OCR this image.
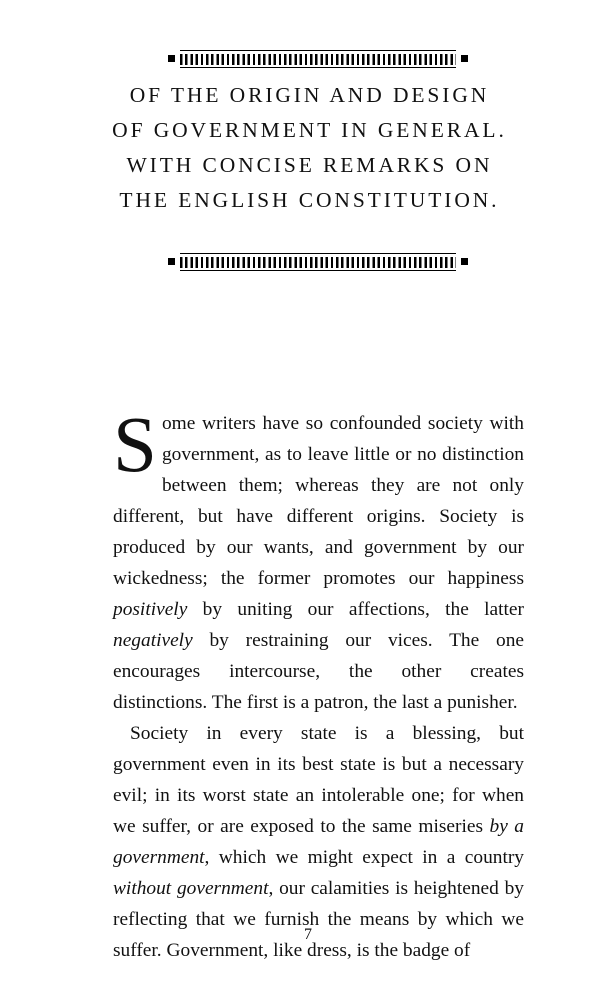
OF THE ORIGIN AND DESIGN
OF GOVERNMENT IN GENERAL.
WITH CONCISE REMARKS ON
THE ENGLISH CONSTITUTION.

Some writers have so confounded society with government, as to leave little or no distinction between them; whereas they are not only different, but have different origins. Society is produced by our wants, and government by our wickedness; the former promotes our happiness positively by uniting our affections, the latter negatively by restraining our vices. The one encourages intercourse, the other creates distinctions. The first is a patron, the last a punisher.

Society in every state is a blessing, but government even in its best state is but a necessary evil; in its worst state an intolerable one; for when we suffer, or are exposed to the same miseries by a government, which we might expect in a country without government, our calamities is heightened by reflecting that we furnish the means by which we suffer. Government, like dress, is the badge of

7
